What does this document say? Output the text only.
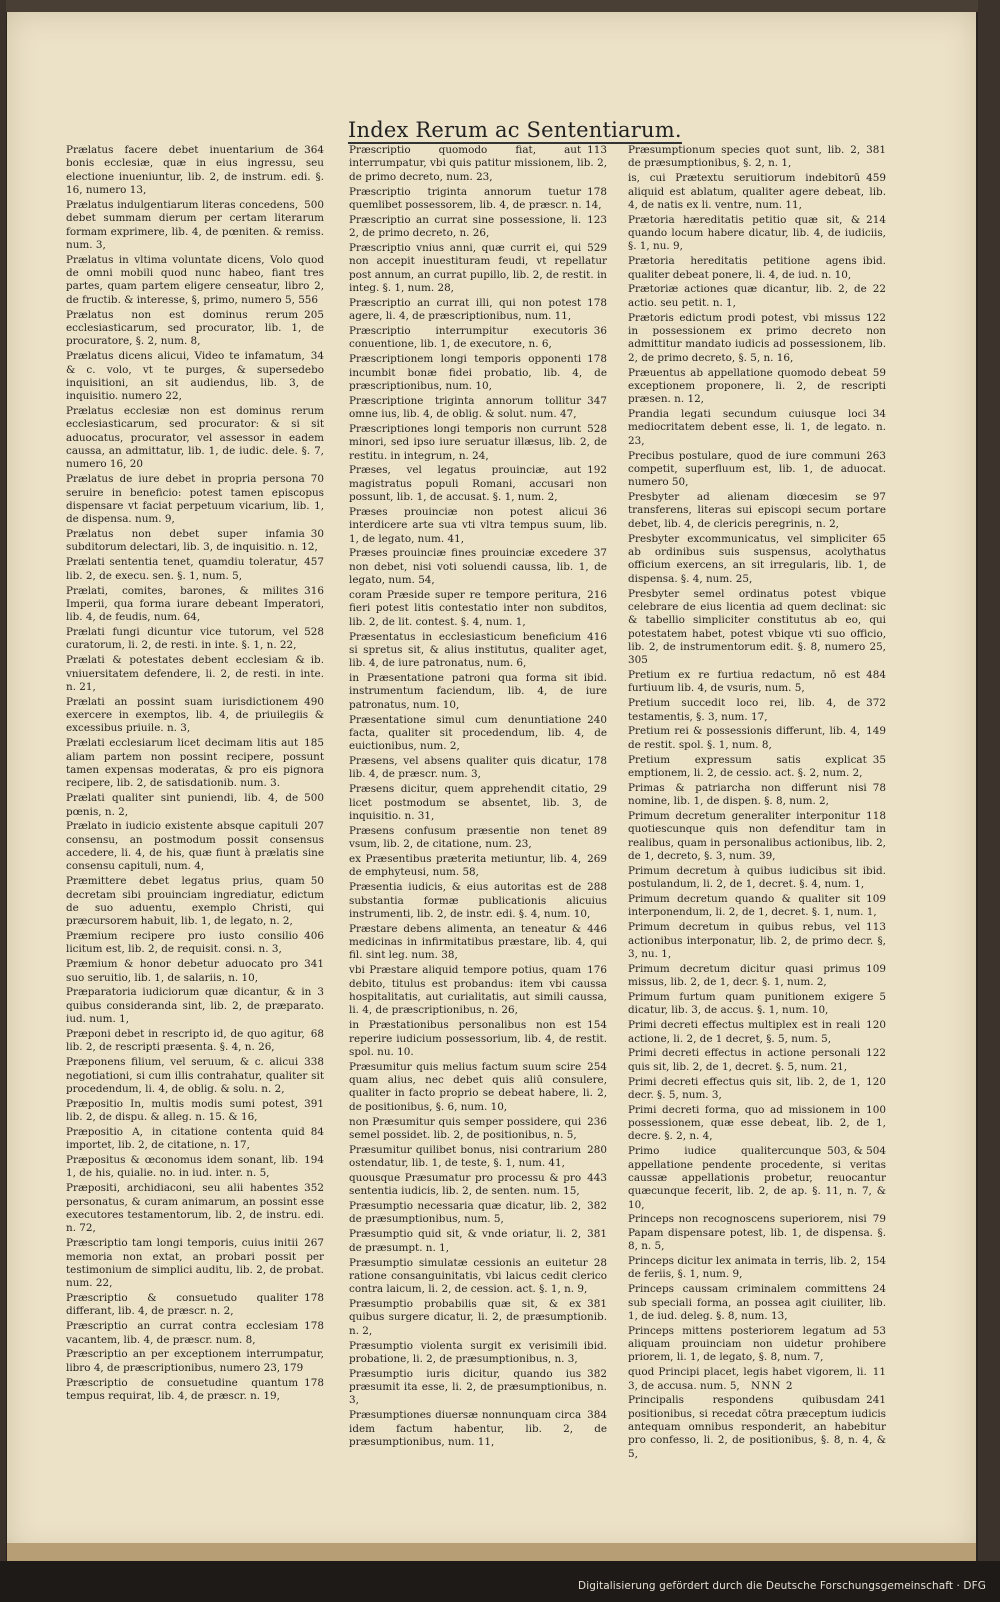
Index Rerum ac Sententiarum.
364
Prælatus facere debet inuentarium de bonis ecclesiæ, quæ in eius ingressu, seu electione inueniuntur, lib. 2, de instrum. edi. §. 16, numero 13,
500
Prælatus indulgentiarum literas concedens, debet summam dierum per certam literarum formam exprimere, lib. 4, de pœniten. & remiss. num. 3,
Prælatus in vltima voluntate dicens, Volo quod de omni mobili quod nunc habeo, fiant tres partes, quam partem eligere censeatur, libro 2, de fructib. & interesse, §, primo, numero 5, 556
205
Prælatus non est dominus rerum ecclesiasticarum, sed procurator, lib. 1, de procuratore, §. 2, num. 8,
34
Prælatus dicens alicui, Video te infamatum, & c. volo, vt te purges, & supersedebo inquisitioni, an sit audiendus, lib. 3, de inquisitio. numero 22,
Prælatus ecclesiæ non est dominus rerum ecclesiasticarum, sed procurator: & si sit aduocatus, procurator, vel assessor in eadem caussa, an admittatur, lib. 1, de iudic. dele. §. 7, numero 16, 20
70
Prælatus de iure debet in propria persona seruire in beneficio: potest tamen episcopus dispensare vt faciat perpetuum vicarium, lib. 1, de dispensa. num. 9,
30
Prælatus non debet super infamia subditorum delectari, lib. 3, de inquisitio. n. 12,
457
Prælati sententia tenet, quamdiu toleratur, lib. 2, de execu. sen. §. 1, num. 5,
316
Prælati, comites, barones, & milites Imperii, qua forma iurare debeant Imperatori, lib. 4, de feudis, num. 64,
528
Prælati fungi dicuntur vice tutorum, vel curatorum, li. 2, de resti. in inte. §. 1, n. 22,
ib.
Prælati & potestates debent ecclesiam & vniuersitatem defendere, li. 2, de resti. in inte. n. 21,
490
Prælati an possint suam iurisdictionem exercere in exemptos, lib. 4, de priuilegiis & excessibus priuile. n. 3,
185
Prælati ecclesiarum licet decimam litis aut aliam partem non possint recipere, possunt tamen expensas moderatas, & pro eis pignora recipere, lib. 2, de satisdationib. num. 3.
500
Prælati qualiter sint puniendi, lib. 4, de pœnis, n. 2,
207
Prælato in iudicio existente absque capituli consensu, an postmodum possit consensus accedere, li. 4, de his, quæ fiunt à prælatis sine consensu capituli, num. 4,
50
Præmittere debet legatus prius, quam decretam sibi prouinciam ingrediatur, edictum de suo aduentu, exemplo Christi, qui præcursorem habuit, lib. 1, de legato, n. 2,
406
Præmium recipere pro iusto consilio licitum est, lib. 2, de requisit. consi. n. 3,
341
Præmium & honor debetur aduocato pro suo seruitio, lib. 1, de salariis, n. 10,
3
Præparatoria iudiciorum quæ dicantur, & in quibus consideranda sint, lib. 2, de præparato. iud. num. 1,
68
Præponi debet in rescripto id, de quo agitur, lib. 2, de rescripti præsenta. §. 4, n. 26,
338
Præponens filium, vel seruum, & c. alicui negotiationi, si cum illis contrahatur, qualiter sit procedendum, li. 4, de oblig. & solu. n. 2,
391
Præpositio In, multis modis sumi potest, lib. 2, de dispu. & alleg. n. 15. & 16,
84
Præpositio A, in citatione contenta quid importet, lib. 2, de citatione, n. 17,
194
Præpositus & œconomus idem sonant, lib. 1, de his, quialie. no. in iud. inter. n. 5,
352
Præpositi, archidiaconi, seu alii habentes personatus, & curam animarum, an possint esse executores testamentorum, lib. 2, de instru. edi. n. 72,
267
Præscriptio tam longi temporis, cuius initii memoria non extat, an probari possit per testimonium de simplici auditu, lib. 2, de probat. num. 22,
178
Præscriptio & consuetudo qualiter differant, lib. 4, de præscr. n. 2,
178
Præscriptio an currat contra ecclesiam vacantem, lib. 4, de præscr. num. 8,
Præscriptio an per exceptionem interrumpatur, libro 4, de præscriptionibus, numero 23, 179
178
Præscriptio de consuetudine quantum tempus requirat, lib. 4, de præscr. n. 19,
113
Præscriptio quomodo fiat, aut interrumpatur, vbi quis patitur missionem, lib. 2, de primo decreto, num. 23,
178
Præscriptio triginta annorum tuetur quemlibet possessorem, lib. 4, de præscr. n. 14,
123
Præscriptio an currat sine possessione, li. 2, de primo decreto, n. 26,
529
Præscriptio vnius anni, quæ currit ei, qui non accepit inuestituram feudi, vt repellatur post annum, an currat pupillo, lib. 2, de restit. in integ. §. 1, num. 28,
178
Præscriptio an currat illi, qui non potest agere, li. 4, de præscriptionibus, num. 11,
36
Præscriptio interrumpitur executoris conuentione, lib. 1, de executore, n. 6,
178
Præscriptionem longi temporis opponenti incumbit bonæ fidei probatio, lib. 4, de præscriptionibus, num. 10,
347
Præscriptione triginta annorum tollitur omne ius, lib. 4, de oblig. & solut. num. 47,
528
Præscriptiones longi temporis non currunt minori, sed ipso iure seruatur illæsus, lib. 2, de restitu. in integrum, n. 24,
192
Præses, vel legatus prouinciæ, aut magistratus populi Romani, accusari non possunt, lib. 1, de accusat. §. 1, num. 2,
36
Præses prouinciæ non potest alicui interdicere arte sua vti vltra tempus suum, lib. 1, de legato, num. 41,
37
Præses prouinciæ fines prouinciæ excedere non debet, nisi voti soluendi caussa, lib. 1, de legato, num. 54,
216
coram Præside super re tempore peritura, fieri potest litis contestatio inter non subditos, lib. 2, de lit. contest. §. 4, num. 1,
416
Præsentatus in ecclesiasticum beneficium si spretus sit, & alius institutus, qualiter aget, lib. 4, de iure patronatus, num. 6,
ibid.
in Præsentatione patroni qua forma sit instrumentum faciendum, lib. 4, de iure patronatus, num. 10,
240
Præsentatione simul cum denuntiatione facta, qualiter sit procedendum, lib. 4, de euictionibus, num. 2,
178
Præsens, vel absens qualiter quis dicatur, lib. 4, de præscr. num. 3,
29
Præsens dicitur, quem apprehendit citatio, licet postmodum se absentet, lib. 3, de inquisitio. n. 31,
89
Præsens confusum præsentie non tenet vsum, lib. 2, de citatione, num. 23,
269
ex Præsentibus præterita metiuntur, lib. 4, de emphyteusi, num. 58,
288
Præsentia iudicis, & eius autoritas est de substantia formæ publicationis alicuius instrumenti, lib. 2, de instr. edi. §. 4, num. 10,
446
Præstare debens alimenta, an teneatur & medicinas in infirmitatibus præstare, lib. 4, qui fil. sint leg. num. 38,
176
vbi Præstare aliquid tempore potius, quam debito, titulus est probandus: item vbi caussa hospitalitatis, aut curialitatis, aut simili caussa, li. 4, de præscriptionibus, n. 26,
154
in Præstationibus personalibus non est reperire iudicium possessorium, lib. 4, de restit. spol. nu. 10.
254
Præsumitur quis melius factum suum scire quam alius, nec debet quis aliū consulere, qualiter in facto proprio se debeat habere, li. 2, de positionibus, §. 6, num. 10,
236
non Præsumitur quis semper possidere, qui semel possidet. lib. 2, de positionibus, n. 5,
280
Præsumitur quilibet bonus, nisi contrarium ostendatur, lib. 1, de teste, §. 1, num. 41,
443
quousque Præsumatur pro processu & pro sententia iudicis, lib. 2, de senten. num. 15,
382
Præsumptio necessaria quæ dicatur, lib. 2, de præsumptionibus, num. 5,
381
Præsumptio quid sit, & vnde oriatur, li. 2, de præsumpt. n. 1,
28
Præsumptio simulatæ cessionis an euitetur ratione consanguinitatis, vbi laicus cedit clerico contra laicum, li. 2, de cession. act. §. 1, n. 9,
381
Præsumptio probabilis quæ sit, & ex quibus surgere dicatur, li. 2, de præsumptionib. n. 2,
ibid.
Præsumptio violenta surgit ex verisimili probatione, li. 2, de præsumptionibus, n. 3,
382
Præsumptio iuris dicitur, quando ius præsumit ita esse, li. 2, de præsumptionibus, n. 3,
384
Præsumptiones diuersæ nonnunquam circa idem factum habentur, lib. 2, de præsumptionibus, num. 11,
381
Præsumptionum species quot sunt, lib. 2, de præsumptionibus, §. 2, n. 1,
459
is, cui Prætextu seruitiorum indebitorū aliquid est ablatum, qualiter agere debeat, lib. 4, de natis ex li. ventre, num. 11,
214
Prætoria hæreditatis petitio quæ sit, & quando locum habere dicatur, lib. 4, de iudiciis, §. 1, nu. 9,
ibid.
Prætoria hereditatis petitione agens qualiter debeat ponere, li. 4, de iud. n. 10,
22
Prætoriæ actiones quæ dicantur, lib. 2, de actio. seu petit. n. 1,
122
Prætoris edictum prodi potest, vbi missus in possessionem ex primo decreto non admittitur mandato iudicis ad possessionem, lib. 2, de primo decreto, §. 5, n. 16,
59
Præuentus ab appellatione quomodo debeat exceptionem proponere, li. 2, de rescripti præsen. n. 12,
34
Prandia legati secundum cuiusque loci mediocritatem debent esse, li. 1, de legato. n. 23,
263
Precibus postulare, quod de iure communi competit, superfluum est, lib. 1, de aduocat. numero 50,
97
Presbyter ad alienam diœcesim se transferens, literas sui episcopi secum portare debet, lib. 4, de clericis peregrinis, n. 2,
65
Presbyter excommunicatus, vel simpliciter ab ordinibus suis suspensus, acolythatus officium exercens, an sit irregularis, lib. 1, de dispensa. §. 4, num. 25,
Presbyter semel ordinatus potest vbique celebrare de eius licentia ad quem declinat: sic & tabellio simpliciter constitutus ab eo, qui potestatem habet, potest vbique vti suo officio, lib. 2, de instrumentorum edit. §. 8, numero 25, 305
484
Pretium ex re furtiua redactum, nō est furtiuum lib. 4, de vsuris, num. 5,
372
Pretium succedit loco rei, lib. 4, de testamentis, §. 3, num. 17,
149
Pretium rei & possessionis differunt, lib. 4, de restit. spol. §. 1, num. 8,
35
Pretium expressum satis explicat emptionem, li. 2, de cessio. act. §. 2, num. 2,
78
Primas & patriarcha non differunt nisi nomine, lib. 1, de dispen. §. 8, num. 2,
118
Primum decretum generaliter interponitur quotiescunque quis non defenditur tam in realibus, quam in personalibus actionibus, lib. 2, de 1, decreto, §. 3, num. 39,
ibid.
Primum decretum à quibus iudicibus sit postulandum, li. 2, de 1, decret. §. 4, num. 1,
109
Primum decretum quando & qualiter sit interponendum, li. 2, de 1, decret. §. 1, num. 1,
113
Primum decretum in quibus rebus, vel actionibus interponatur, lib. 2, de primo decr. §, 3, nu. 1,
109
Primum decretum dicitur quasi primus missus, lib. 2, de 1, decr. §. 1, num. 2,
5
Primum furtum quam punitionem exigere dicatur, lib. 3, de accus. §. 1, num. 10,
120
Primi decreti effectus multiplex est in reali actione, li. 2, de 1 decret, §. 5, num. 5,
122
Primi decreti effectus in actione personali quis sit, lib. 2, de 1, decret. §. 5, num. 21,
120
Primi decreti effectus quis sit, lib. 2, de 1, decr. §. 5, num. 3,
100
Primi decreti forma, quo ad missionem in possessionem, quæ esse debeat, lib. 2, de 1, decre. §. 2, n. 4,
503, & 504
Primo iudice qualitercunque appellatione pendente procedente, si veritas caussæ appellationis probetur, reuocantur quæcunque fecerit, lib. 2, de ap. §. 11, n. 7, & 10,
79
Princeps non recognoscens superiorem, nisi Papam dispensare potest, lib. 1, de dispensa. §. 8, n. 5,
154
Princeps dicitur lex animata in terris, lib. 2, de feriis, §. 1, num. 9,
24
Princeps caussam criminalem committens sub speciali forma, an possea agit ciuiliter, lib. 1, de iud. deleg. §. 8, num. 13,
53
Princeps mittens posteriorem legatum ad aliquam prouinciam non uidetur prohibere priorem, li. 1, de legato, §. 8, num. 7,
11
quod Principi placet, legis habet vigorem, li. 3, de accusa. num. 5,
241
Principalis respondens quibusdam positionibus, si recedat cōtra præceptum iudicis antequam omnibus responderit, an habebitur pro confesso, li. 2, de positionibus, §. 8, n. 4, & 5,
NNN 2
Digitalisierung gefördert durch die Deutsche Forschungsgemeinschaft · DFG
